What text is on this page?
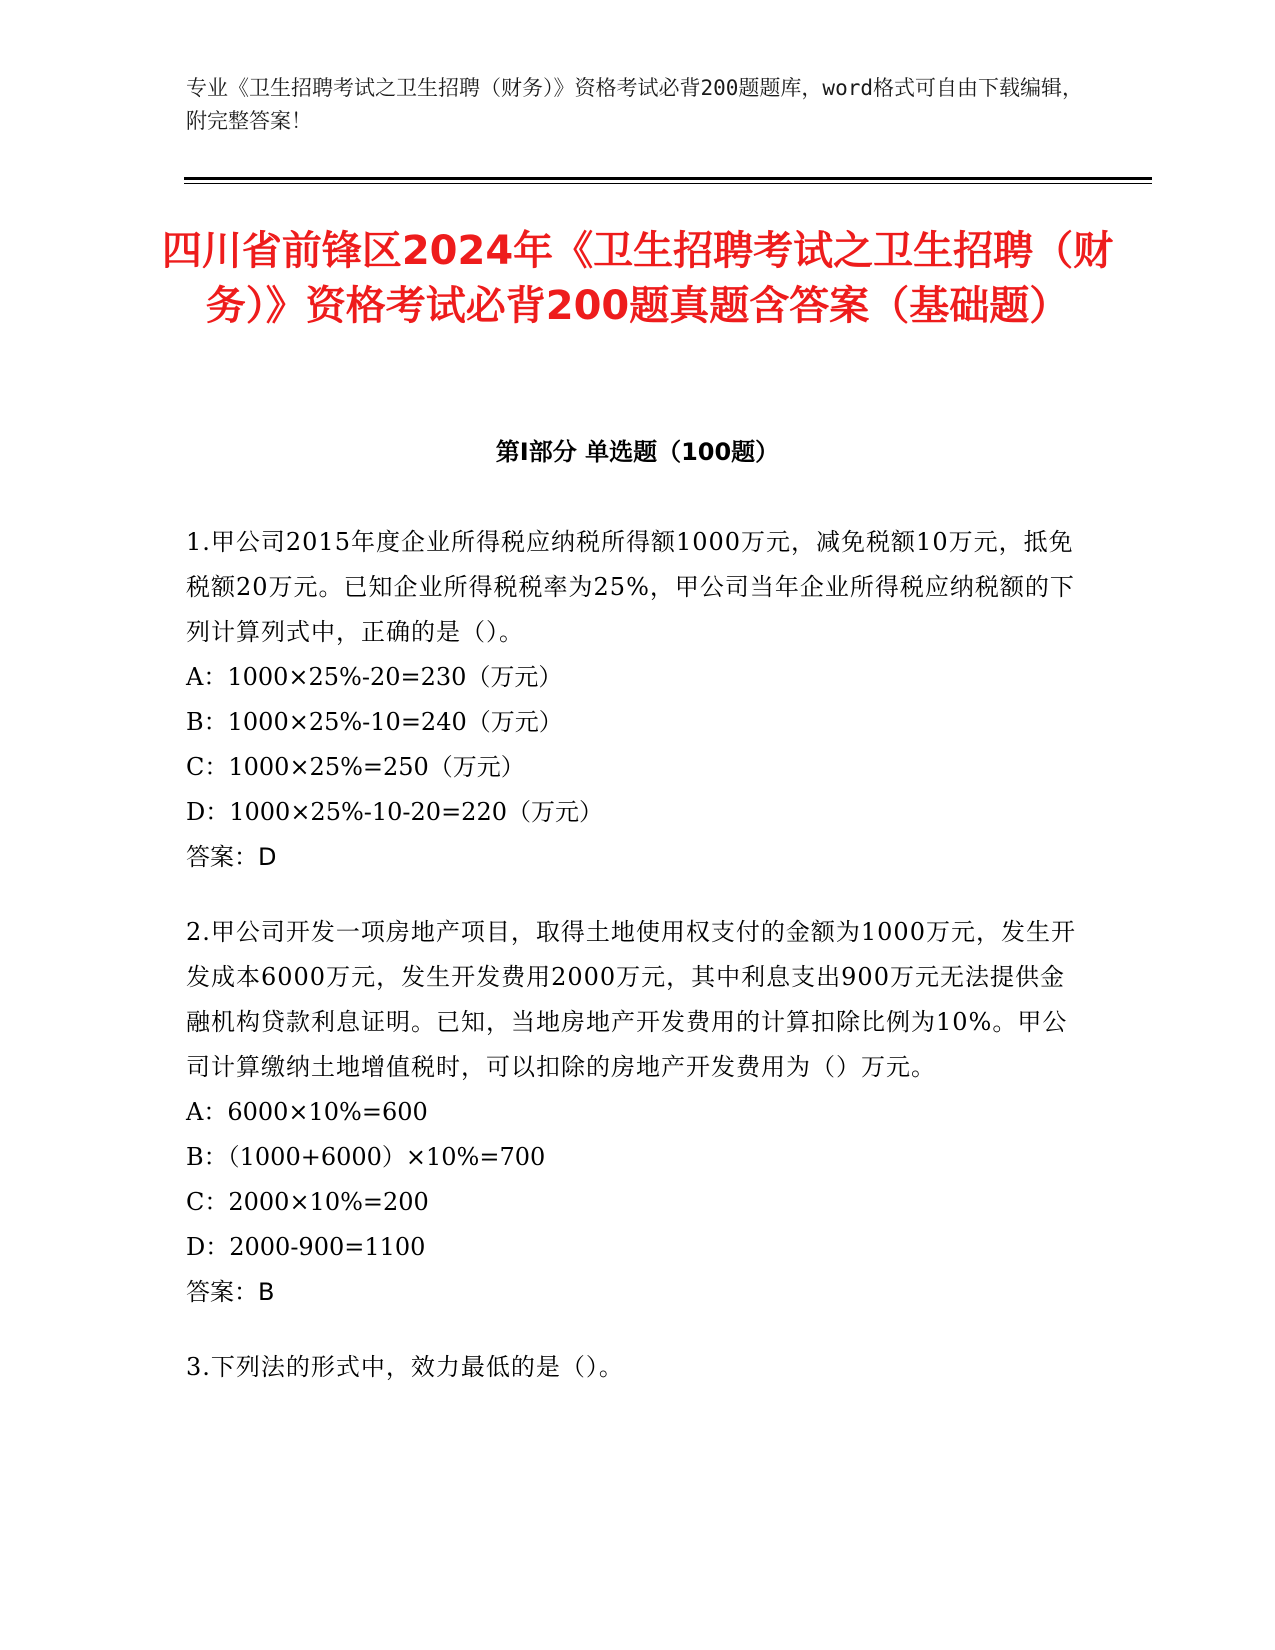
专业《卫生招聘考试之卫生招聘（财务）》资格考试必背200题题库，word格式可自由下载编辑，附完整答案！
四川省前锋区2024年《卫生招聘考试之卫生招聘（财务）》资格考试必背200题真题含答案（基础题）
第Ⅰ部分 单选题（100题）

1.甲公司2015年度企业所得税应纳税所得额1000万元，减免税额10万元，抵免税额20万元。已知企业所得税税率为25%，甲公司当年企业所得税应纳税额的下列计算列式中，正确的是（）。

A：1000×25%-20=230（万元）

B：1000×25%-10=240（万元）

C：1000×25%=250（万元）

D：1000×25%-10-20=220（万元）

答案：D

2.甲公司开发一项房地产项目，取得土地使用权支付的金额为1000万元，发生开发成本6000万元，发生开发费用2000万元，其中利息支出900万元无法提供金融机构贷款利息证明。已知，当地房地产开发费用的计算扣除比例为10%。甲公司计算缴纳土地增值税时，可以扣除的房地产开发费用为（）万元。

A：6000×10%=600

B：（1000+6000）×10%=700

C：2000×10%=200

D：2000-900=1100

答案：B

3.下列法的形式中，效力最低的是（）。
